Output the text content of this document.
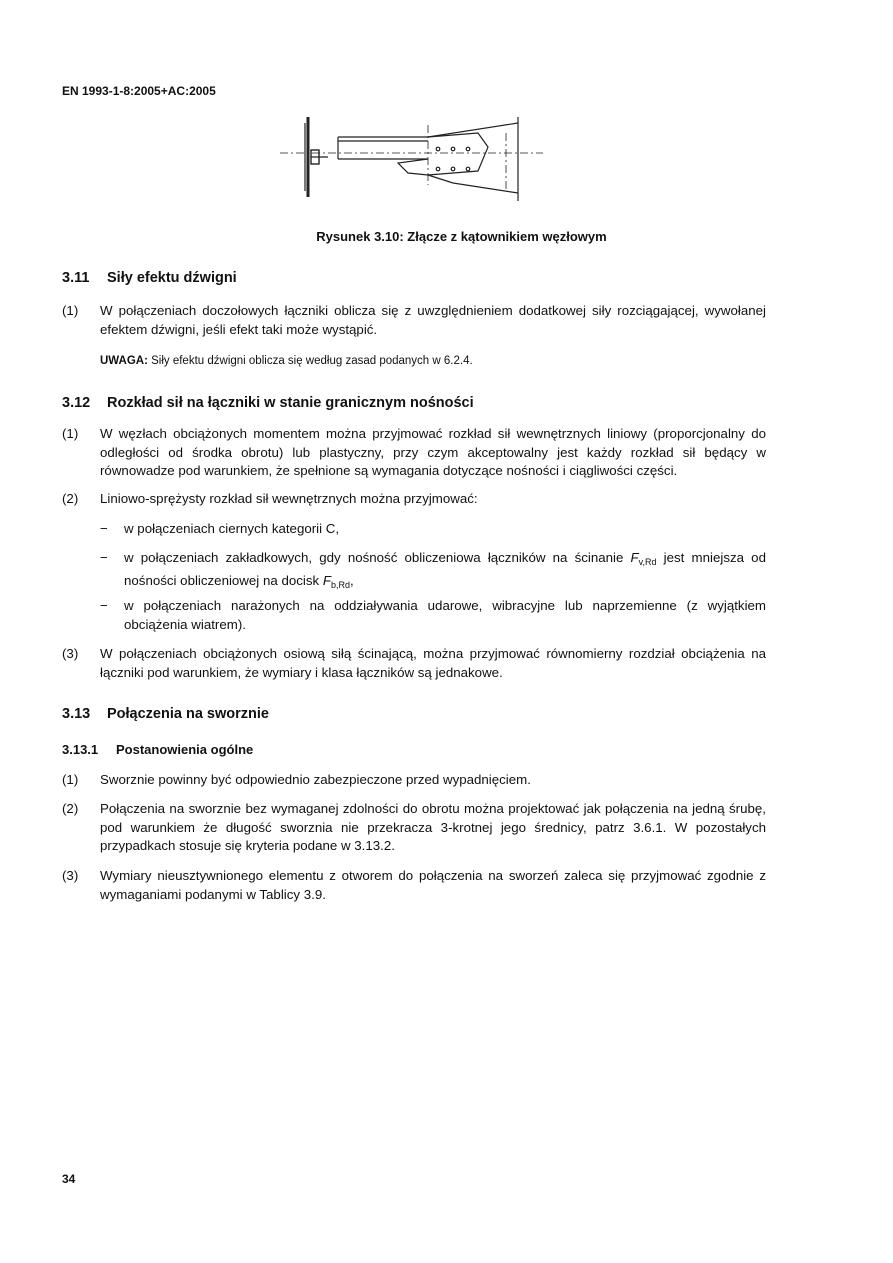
EN 1993-1-8:2005+AC:2005
Rysunek 3.10: Złącze z kątownikiem węzłowym
3.11 Siły efektu dźwigni
(1) W połączeniach doczołowych łączniki oblicza się z uwzględnieniem dodatkowej siły rozciągającej, wywołanej efektem dźwigni, jeśli efekt taki może wystąpić.
UWAGA: Siły efektu dźwigni oblicza się według zasad podanych w 6.2.4.
3.12 Rozkład sił na łączniki w stanie granicznym nośności
(1) W węzłach obciążonych momentem można przyjmować rozkład sił wewnętrznych liniowy (proporcjonalny do odległości od środka obrotu) lub plastyczny, przy czym akceptowalny jest każdy rozkład sił będący w równowadze pod warunkiem, że spełnione są wymagania dotyczące nośności i ciągliwości części.
(2) Liniowo-sprężysty rozkład sił wewnętrznych można przyjmować:
− w połączeniach ciernych kategorii C,
− w połączeniach zakładkowych, gdy nośność obliczeniowa łączników na ścinanie $F_{v,Rd}$ jest mniejsza od nośności obliczeniowej na docisk $F_{b,Rd}$,
− w połączeniach narażonych na oddziaływania udarowe, wibracyjne lub naprzemienne (z wyjątkiem obciążenia wiatrem).
(3) W połączeniach obciążonych osiową siłą ścinającą, można przyjmować równomierny rozdział obciążenia na łączniki pod warunkiem, że wymiary i klasa łączników są jednakowe.
3.13 Połączenia na sworznie
3.13.1 Postanowienia ogólne
(1) Sworznie powinny być odpowiednio zabezpieczone przed wypadnięciem.
(2) Połączenia na sworznie bez wymaganej zdolności do obrotu można projektować jak połączenia na jedną śrubę, pod warunkiem że długość sworznia nie przekracza 3-krotnej jego średnicy, patrz 3.6.1. W pozostałych przypadkach stosuje się kryteria podane w 3.13.2.
(3) Wymiary nieusztywnionego elementu z otworem do połączenia na sworzeń zaleca się przyjmować zgodnie z wymaganiami podanymi w Tablicy 3.9.
34
